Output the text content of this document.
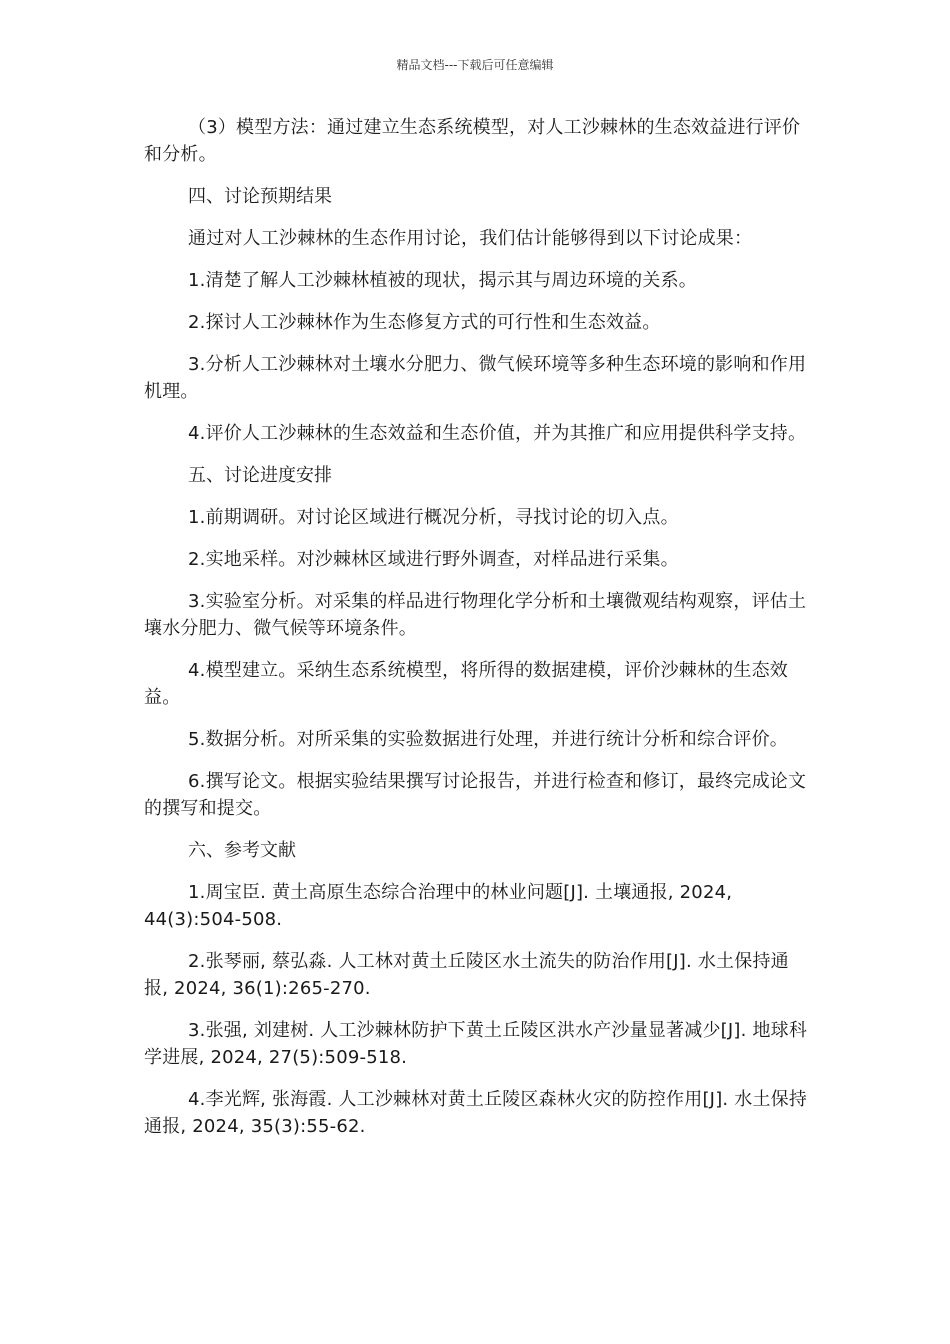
精品文档---下载后可任意编辑

（3）模型方法：通过建立生态系统模型，对人工沙棘林的生态效益进行评价和分析。

四、讨论预期结果

通过对人工沙棘林的生态作用讨论，我们估计能够得到以下讨论成果：

1.清楚了解人工沙棘林植被的现状，揭示其与周边环境的关系。

2.探讨人工沙棘林作为生态修复方式的可行性和生态效益。

3.分析人工沙棘林对土壤水分肥力、微气候环境等多种生态环境的影响和作用机理。

4.评价人工沙棘林的生态效益和生态价值，并为其推广和应用提供科学支持。

五、讨论进度安排

1.前期调研。对讨论区域进行概况分析，寻找讨论的切入点。

2.实地采样。对沙棘林区域进行野外调查，对样品进行采集。

3.实验室分析。对采集的样品进行物理化学分析和土壤微观结构观察，评估土壤水分肥力、微气候等环境条件。

4.模型建立。采纳生态系统模型，将所得的数据建模，评价沙棘林的生态效益。

5.数据分析。对所采集的实验数据进行处理，并进行统计分析和综合评价。

6.撰写论文。根据实验结果撰写讨论报告，并进行检查和修订，最终完成论文的撰写和提交。

六、参考文献

1.周宝臣. 黄土高原生态综合治理中的林业问题[J]. 土壤通报, 2024, 44(3):504-508.

2.张琴丽, 蔡弘淼. 人工林对黄土丘陵区水土流失的防治作用[J]. 水土保持通报, 2024, 36(1):265-270.

3.张强, 刘建树. 人工沙棘林防护下黄土丘陵区洪水产沙量显著减少[J]. 地球科学进展, 2024, 27(5):509-518.

4.李光辉, 张海霞. 人工沙棘林对黄土丘陵区森林火灾的防控作用[J]. 水土保持通报, 2024, 35(3):55-62.
